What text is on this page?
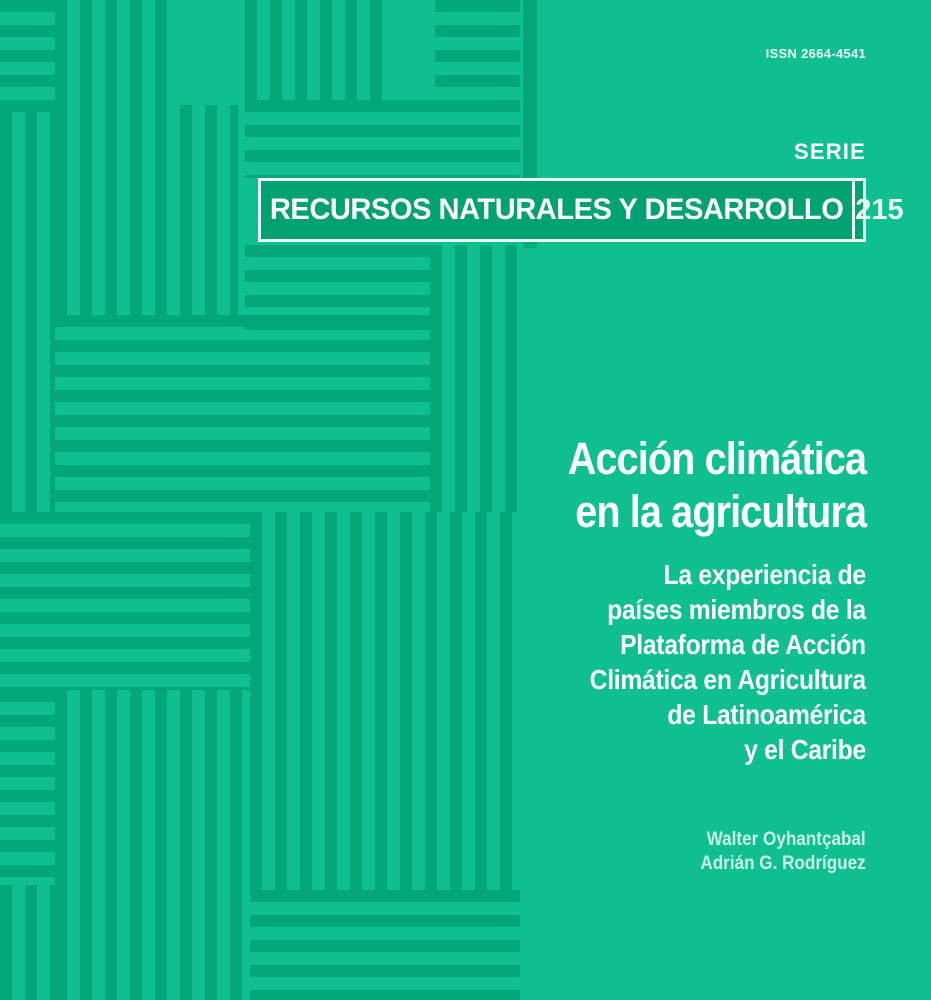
ISSN 2664-4541
SERIE
RECURSOS NATURALES Y DESARROLLO 215
Acción climática
en la agricultura
La experiencia de
países miembros de la
Plataforma de Acción
Climática en Agricultura
de Latinoamérica
y el Caribe
Walter Oyhantçabal
Adrián G. Rodríguez
